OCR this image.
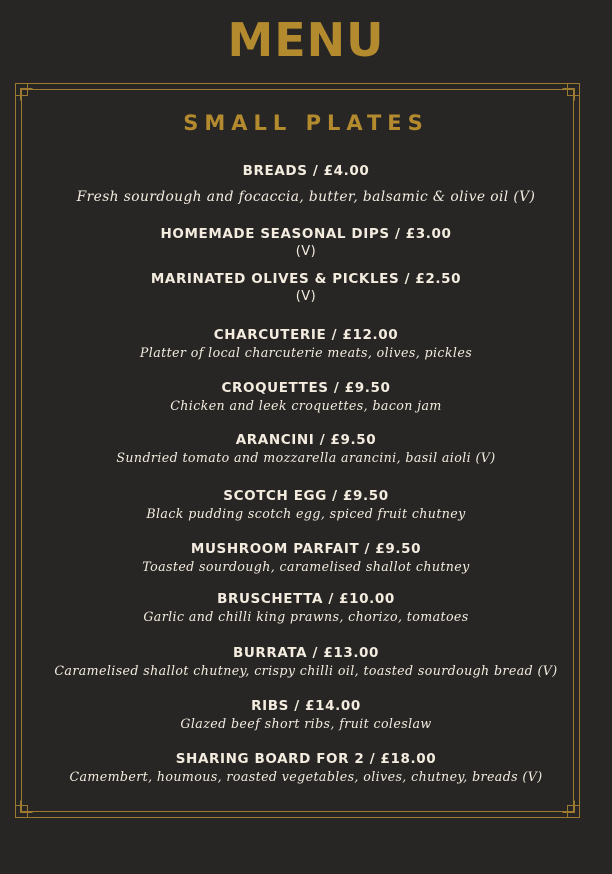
MENU
SMALL PLATES
BREADS / £4.00
Fresh sourdough and focaccia, butter, balsamic & olive oil (V)
HOMEMADE SEASONAL DIPS / £3.00
(V)
MARINATED OLIVES & PICKLES / £2.50
(V)
CHARCUTERIE / £12.00
Platter of local charcuterie meats, olives, pickles
CROQUETTES / £9.50
Chicken and leek croquettes, bacon jam
ARANCINI / £9.50
Sundried tomato and mozzarella arancini, basil aioli (V)
SCOTCH EGG / £9.50
Black pudding scotch egg, spiced fruit chutney
MUSHROOM PARFAIT / £9.50
Toasted sourdough, caramelised shallot chutney
BRUSCHETTA / £10.00
Garlic and chilli king prawns, chorizo, tomatoes
BURRATA / £13.00
Caramelised shallot chutney, crispy chilli oil, toasted sourdough bread (V)
RIBS / £14.00
Glazed beef short ribs, fruit coleslaw
SHARING BOARD FOR 2 / £18.00
Camembert, houmous, roasted vegetables, olives, chutney, breads (V)
